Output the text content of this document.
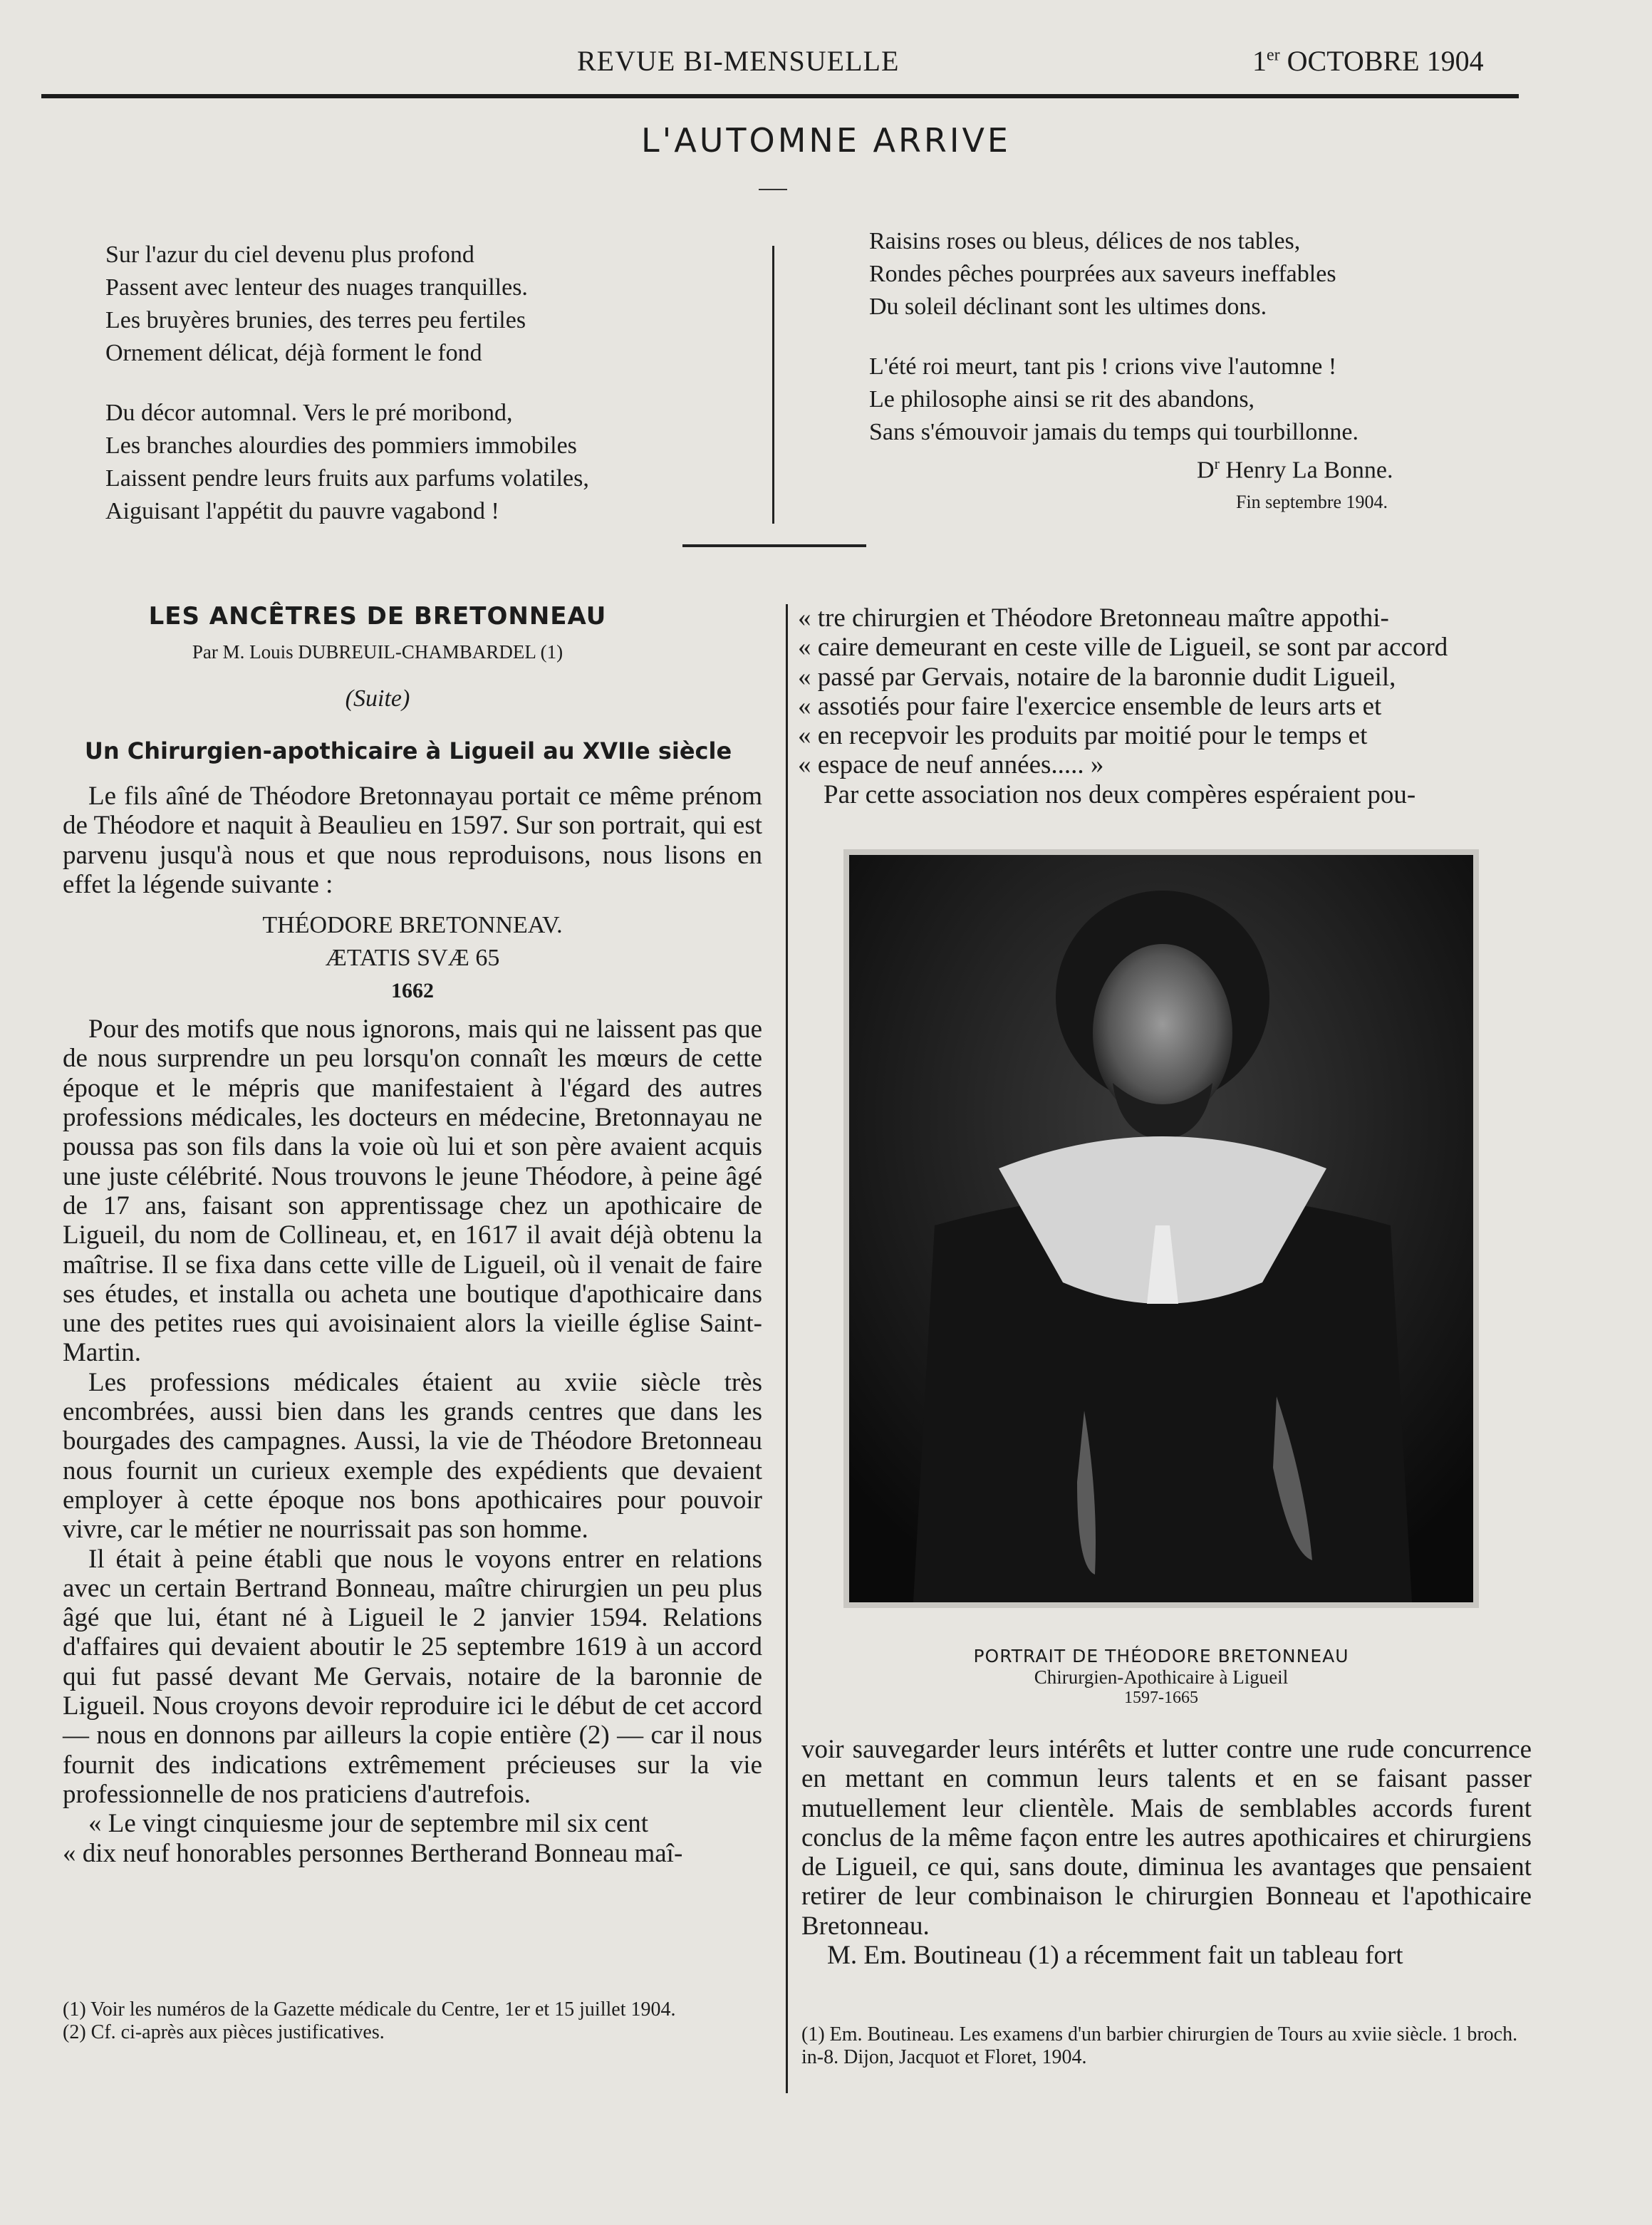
REVUE BI-MENSUELLE	1er OCTOBRE 1904
L'AUTOMNE ARRIVE
Sur l'azur du ciel devenu plus profond
Passent avec lenteur des nuages tranquilles.
Les bruyères brunies, des terres peu fertiles
Ornement délicat, déjà forment le fond
Du décor automnal. Vers le pré moribond,
Les branches alourdies des pommiers immobiles
Laissent pendre leurs fruits aux parfums volatiles,
Aiguisant l'appétit du pauvre vagabond !
Raisins roses ou bleus, délices de nos tables,
Rondes pêches pourprées aux saveurs ineffables
Du soleil déclinant sont les ultimes dons.
L'été roi meurt, tant pis ! crions vive l'automne !
Le philosophe ainsi se rit des abandons,
Sans s'émouvoir jamais du temps qui tourbillonne.
$D^r$ Henry La Bonne.
Fin septembre 1904.
LES ANCÊTRES DE BRETONNEAU
Par M. Louis DUBREUIL-CHAMBARDEL (1)
(Suite)
Un Chirurgien-apothicaire à Ligueil au XVIIe siècle

Le fils aîné de Théodore Bretonnayau portait ce même prénom de Théodore et naquit à Beaulieu en 1597. Sur son portrait, qui est parvenu jusqu'à nous et que nous reproduisons, nous lisons en effet la légende suivante :

THÉODORE BRETONNEAV.
ÆTATIS SVÆ 65
1662

Pour des motifs que nous ignorons, mais qui ne laissent pas que de nous surprendre un peu lorsqu'on connaît les mœurs de cette époque et le mépris que manifestaient à l'égard des autres professions médicales, les docteurs en médecine, Bretonnayau ne poussa pas son fils dans la voie où lui et son père avaient acquis une juste célébrité. Nous trouvons le jeune Théodore, à peine âgé de 17 ans, faisant son apprentissage chez un apothicaire de Ligueil, du nom de Collineau, et, en 1617 il avait déjà obtenu la maîtrise. Il se fixa dans cette ville de Ligueil, où il venait de faire ses études, et installa ou acheta une boutique d'apothicaire dans une des petites rues qui avoisinaient alors la vieille église Saint-Martin.

Les professions médicales étaient au xviie siècle très encombrées, aussi bien dans les grands centres que dans les bourgades des campagnes. Aussi, la vie de Théodore Bretonneau nous fournit un curieux exemple des expédients que devaient employer à cette époque nos bons apothicaires pour pouvoir vivre, car le métier ne nourrissait pas son homme.

Il était à peine établi que nous le voyons entrer en relations avec un certain Bertrand Bonneau, maître chirurgien un peu plus âgé que lui, étant né à Ligueil le 2 janvier 1594. Relations d'affaires qui devaient aboutir le 25 septembre 1619 à un accord qui fut passé devant Me Gervais, notaire de la baronnie de Ligueil. Nous croyons devoir reproduire ici le début de cet accord — nous en donnons par ailleurs la copie entière (2) — car il nous fournit des indications extrêmement précieuses sur la vie professionnelle de nos praticiens d'autrefois.

« Le vingt cinquiesme jour de septembre mil six cent

« dix neuf honorables personnes Bertherand Bonneau maî-

(1) Voir les numéros de la Gazette médicale du Centre, 1er et 15 juillet 1904.
(2) Cf. ci-après aux pièces justificatives.

« tre chirurgien et Théodore Bretonneau maître appothi-

« caire demeurant en ceste ville de Ligueil, se sont par accord

« passé par Gervais, notaire de la baronnie dudit Ligueil,

« assotiés pour faire l'exercice ensemble de leurs arts et

« en recepvoir les produits par moitié pour le temps et

« espace de neuf années..... »

Par cette association nos deux compères espéraient pou-

PORTRAIT DE THÉODORE BRETONNEAU
Chirurgien-Apothicaire à Ligueil
1597-1665

voir sauvegarder leurs intérêts et lutter contre une rude concurrence en mettant en commun leurs talents et en se faisant passer mutuellement leur clientèle. Mais de semblables accords furent conclus de la même façon entre les autres apothicaires et chirurgiens de Ligueil, ce qui, sans doute, diminua les avantages que pensaient retirer de leur combinaison le chirurgien Bonneau et l'apothicaire Bretonneau.

M. Em. Boutineau (1) a récemment fait un tableau fort

(1) Em. Boutineau. Les examens d'un barbier chirurgien de Tours au xviie siècle. 1 broch. in-8. Dijon, Jacquot et Floret, 1904.
